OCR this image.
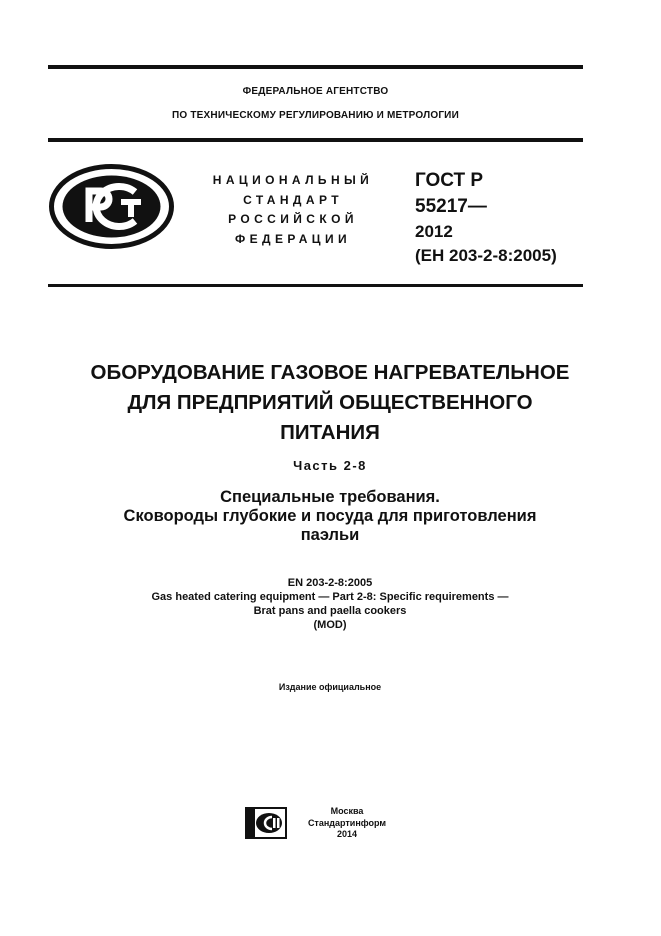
ФЕДЕРАЛЬНОЕ АГЕНТСТВО
ПО ТЕХНИЧЕСКОМУ РЕГУЛИРОВАНИЮ И МЕТРОЛОГИИ
НАЦИОНАЛЬНЫЙ
СТАНДАРТ
РОССИЙСКОЙ
ФЕДЕРАЦИИ
ГОСТ Р
55217—
2012
(ЕН 203-2-8:2005)
ОБОРУДОВАНИЕ ГАЗОВОЕ НАГРЕВАТЕЛЬНОЕ
ДЛЯ ПРЕДПРИЯТИЙ ОБЩЕСТВЕННОГО
ПИТАНИЯ
Часть 2-8
Специальные требования.
Сковороды глубокие и посуда для приготовления
паэльи
EN 203-2-8:2005
Gas heated catering equipment — Part 2-8: Specific requirements —
Brat pans and paella cookers
(MOD)
Издание официальное
Москва
Стандартинформ
2014
